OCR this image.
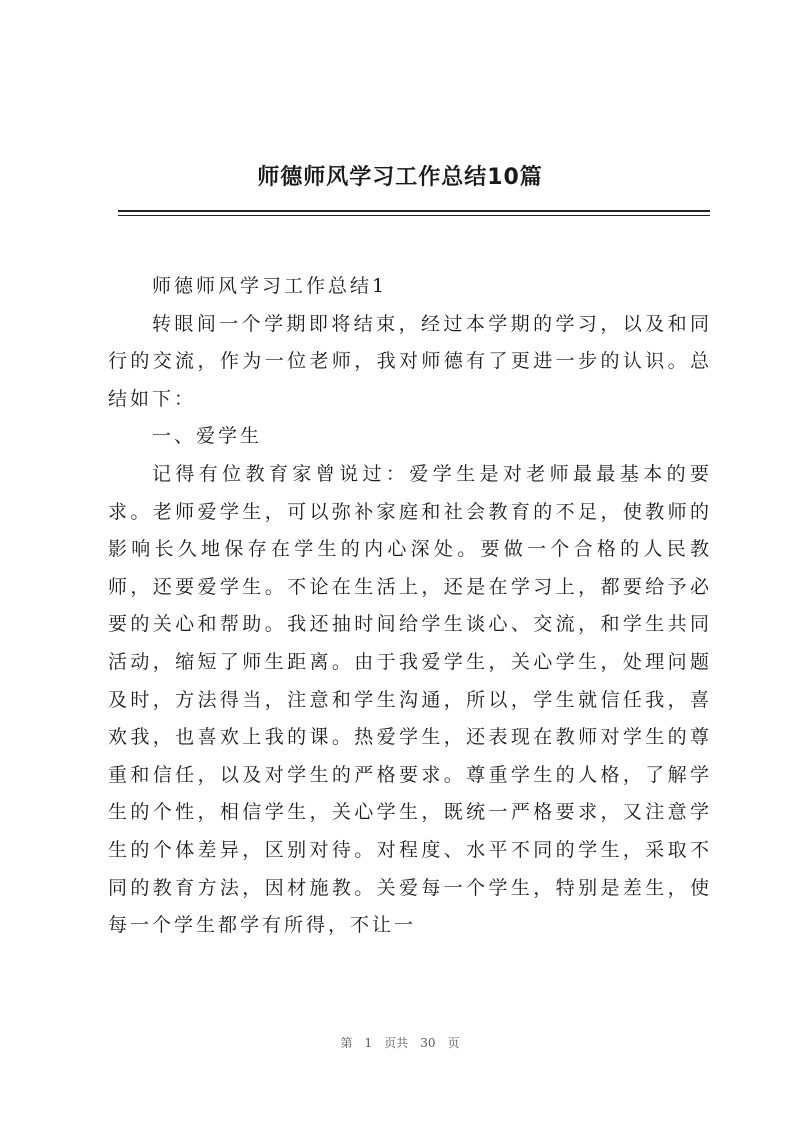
师德师风学习工作总结10篇

师德师风学习工作总结1

转眼间一个学期即将结束，经过本学期的学习，以及和同行的交流，作为一位老师，我对师德有了更进一步的认识。总结如下：

一、爱学生

记得有位教育家曾说过：爱学生是对老师最最基本的要求。老师爱学生，可以弥补家庭和社会教育的不足，使教师的影响长久地保存在学生的内心深处。要做一个合格的人民教师，还要爱学生。不论在生活上，还是在学习上，都要给予必要的关心和帮助。我还抽时间给学生谈心、交流，和学生共同活动，缩短了师生距离。由于我爱学生，关心学生，处理问题及时，方法得当，注意和学生沟通，所以，学生就信任我，喜欢我，也喜欢上我的课。热爱学生，还表现在教师对学生的尊重和信任，以及对学生的严格要求。尊重学生的人格，了解学生的个性，相信学生，关心学生，既统一严格要求，又注意学生的个体差异，区别对待。对程度、水平不同的学生，采取不同的教育方法，因材施教。关爱每一个学生，特别是差生，使每一个学生都学有所得，不让一

第 1 页共 30 页
